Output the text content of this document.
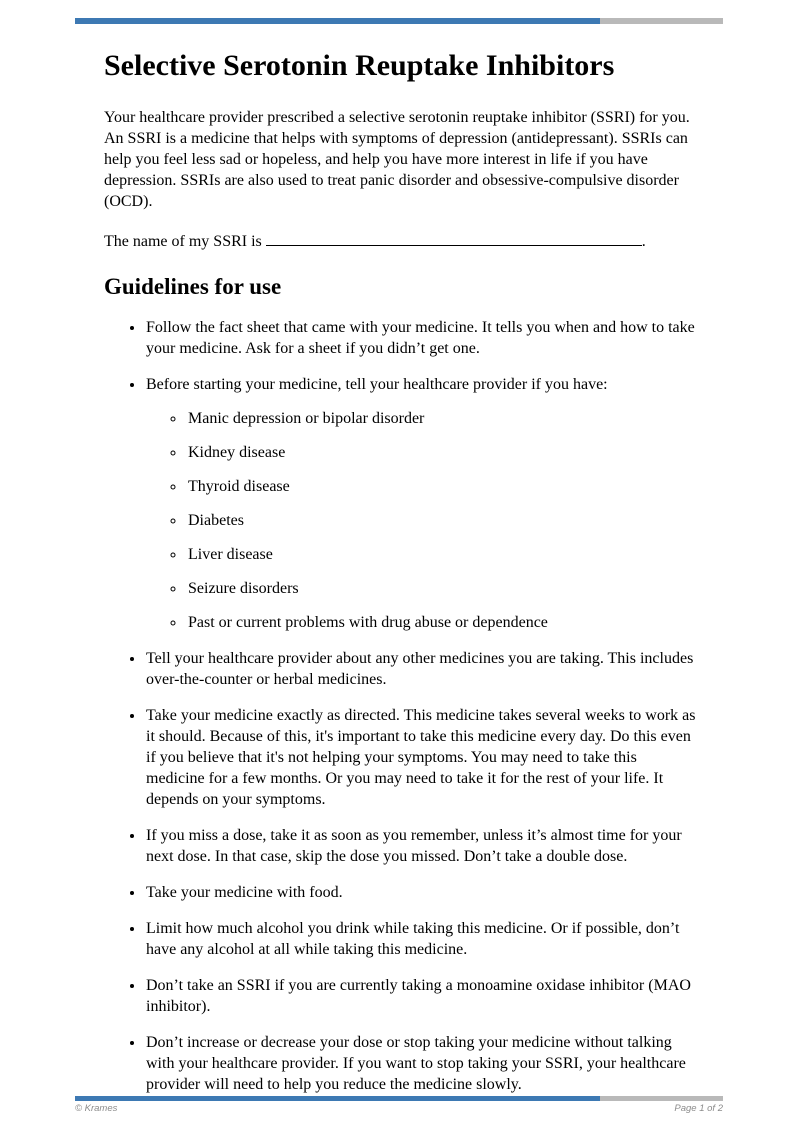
Selective Serotonin Reuptake Inhibitors

Your healthcare provider prescribed a selective serotonin reuptake inhibitor (SSRI) for you. An SSRI is a medicine that helps with symptoms of depression (antidepressant). SSRIs can help you feel less sad or hopeless, and help you have more interest in life if you have depression. SSRIs are also used to treat panic disorder and obsessive-compulsive disorder (OCD).

The name of my SSRI is	.

Guidelines for use
• Follow the fact sheet that came with your medicine. It tells you when and how to take your medicine. Ask for a sheet if you didn’t get one.
• Before starting your medicine, tell your healthcare provider if you have:
◦ Manic depression or bipolar disorder
◦ Kidney disease
◦ Thyroid disease
◦ Diabetes
◦ Liver disease
◦ Seizure disorders
◦ Past or current problems with drug abuse or dependence
• Tell your healthcare provider about any other medicines you are taking. This includes over-the-counter or herbal medicines.
• Take your medicine exactly as directed. This medicine takes several weeks to work as it should. Because of this, it's important to take this medicine every day. Do this even if you believe that it's not helping your symptoms. You may need to take this medicine for a few months. Or you may need to take it for the rest of your life. It depends on your symptoms.
• If you miss a dose, take it as soon as you remember, unless it’s almost time for your next dose. In that case, skip the dose you missed. Don’t take a double dose.
• Take your medicine with food.
• Limit how much alcohol you drink while taking this medicine. Or if possible, don’t have any alcohol at all while taking this medicine.
• Don’t take an SSRI if you are currently taking a monoamine oxidase inhibitor (MAO inhibitor).
• Don’t increase or decrease your dose or stop taking your medicine without talking with your healthcare provider. If you want to stop taking your SSRI, your healthcare provider will need to help you reduce the medicine slowly.
© Krames	Page 1 of 2
